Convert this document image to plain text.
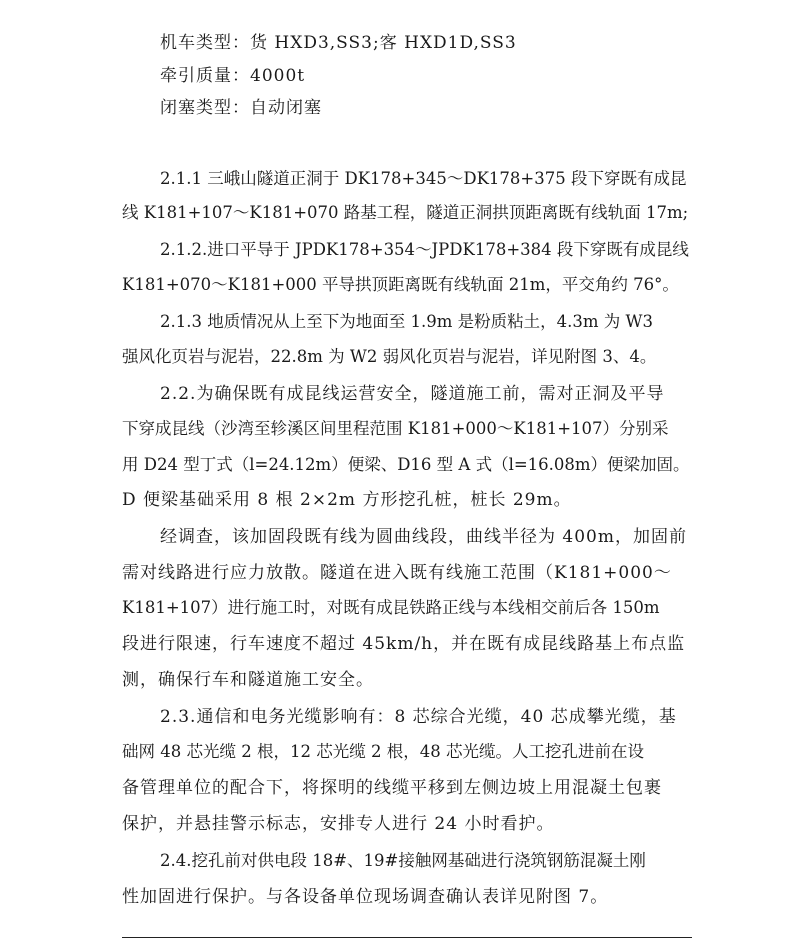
机车类型：货 HXD3,SS3;客 HXD1D,SS3
牵引质量：4000t
闭塞类型：自动闭塞
2.1.1 三峨山隧道正洞于 DK178+345～DK178+375 段下穿既有成昆
线 K181+107～K181+070 路基工程，隧道正洞拱顶距离既有线轨面 17m;
2.1.2.进口平导于 JPDK178+354～JPDK178+384 段下穿既有成昆线
K181+070～K181+000 平导拱顶距离既有线轨面 21m，平交角约 76°。
2.1.3 地质情况从上至下为地面至 1.9m 是粉质粘土，4.3m 为 W3
强风化页岩与泥岩，22.8m 为 W2 弱风化页岩与泥岩，详见附图 3、4。
2.2.为确保既有成昆线运营安全，隧道施工前，需对正洞及平导
下穿成昆线（沙湾至轸溪区间里程范围 K181+000～K181+107）分别采
用 D24 型丁式（l=24.12m）便梁、D16 型 A 式（l=16.08m）便梁加固。
D 便梁基础采用 8 根 2×2m 方形挖孔桩，桩长 29m。
经调查，该加固段既有线为圆曲线段，曲线半径为 400m，加固前
需对线路进行应力放散。隧道在进入既有线施工范围（K181+000～
K181+107）进行施工时，对既有成昆铁路正线与本线相交前后各 150m
段进行限速，行车速度不超过 45km/h，并在既有成昆线路基上布点监
测，确保行车和隧道施工安全。
2.3.通信和电务光缆影响有：8 芯综合光缆，40 芯成攀光缆，基
础网 48 芯光缆 2 根，12 芯光缆 2 根，48 芯光缆。人工挖孔进前在设
备管理单位的配合下，将探明的线缆平移到左侧边坡上用混凝土包裹
保护，并悬挂警示标志，安排专人进行 24 小时看护。
2.4.挖孔前对供电段 18#、19#接触网基础进行浇筑钢筋混凝土刚
性加固进行保护。与各设备单位现场调查确认表详见附图 7。
